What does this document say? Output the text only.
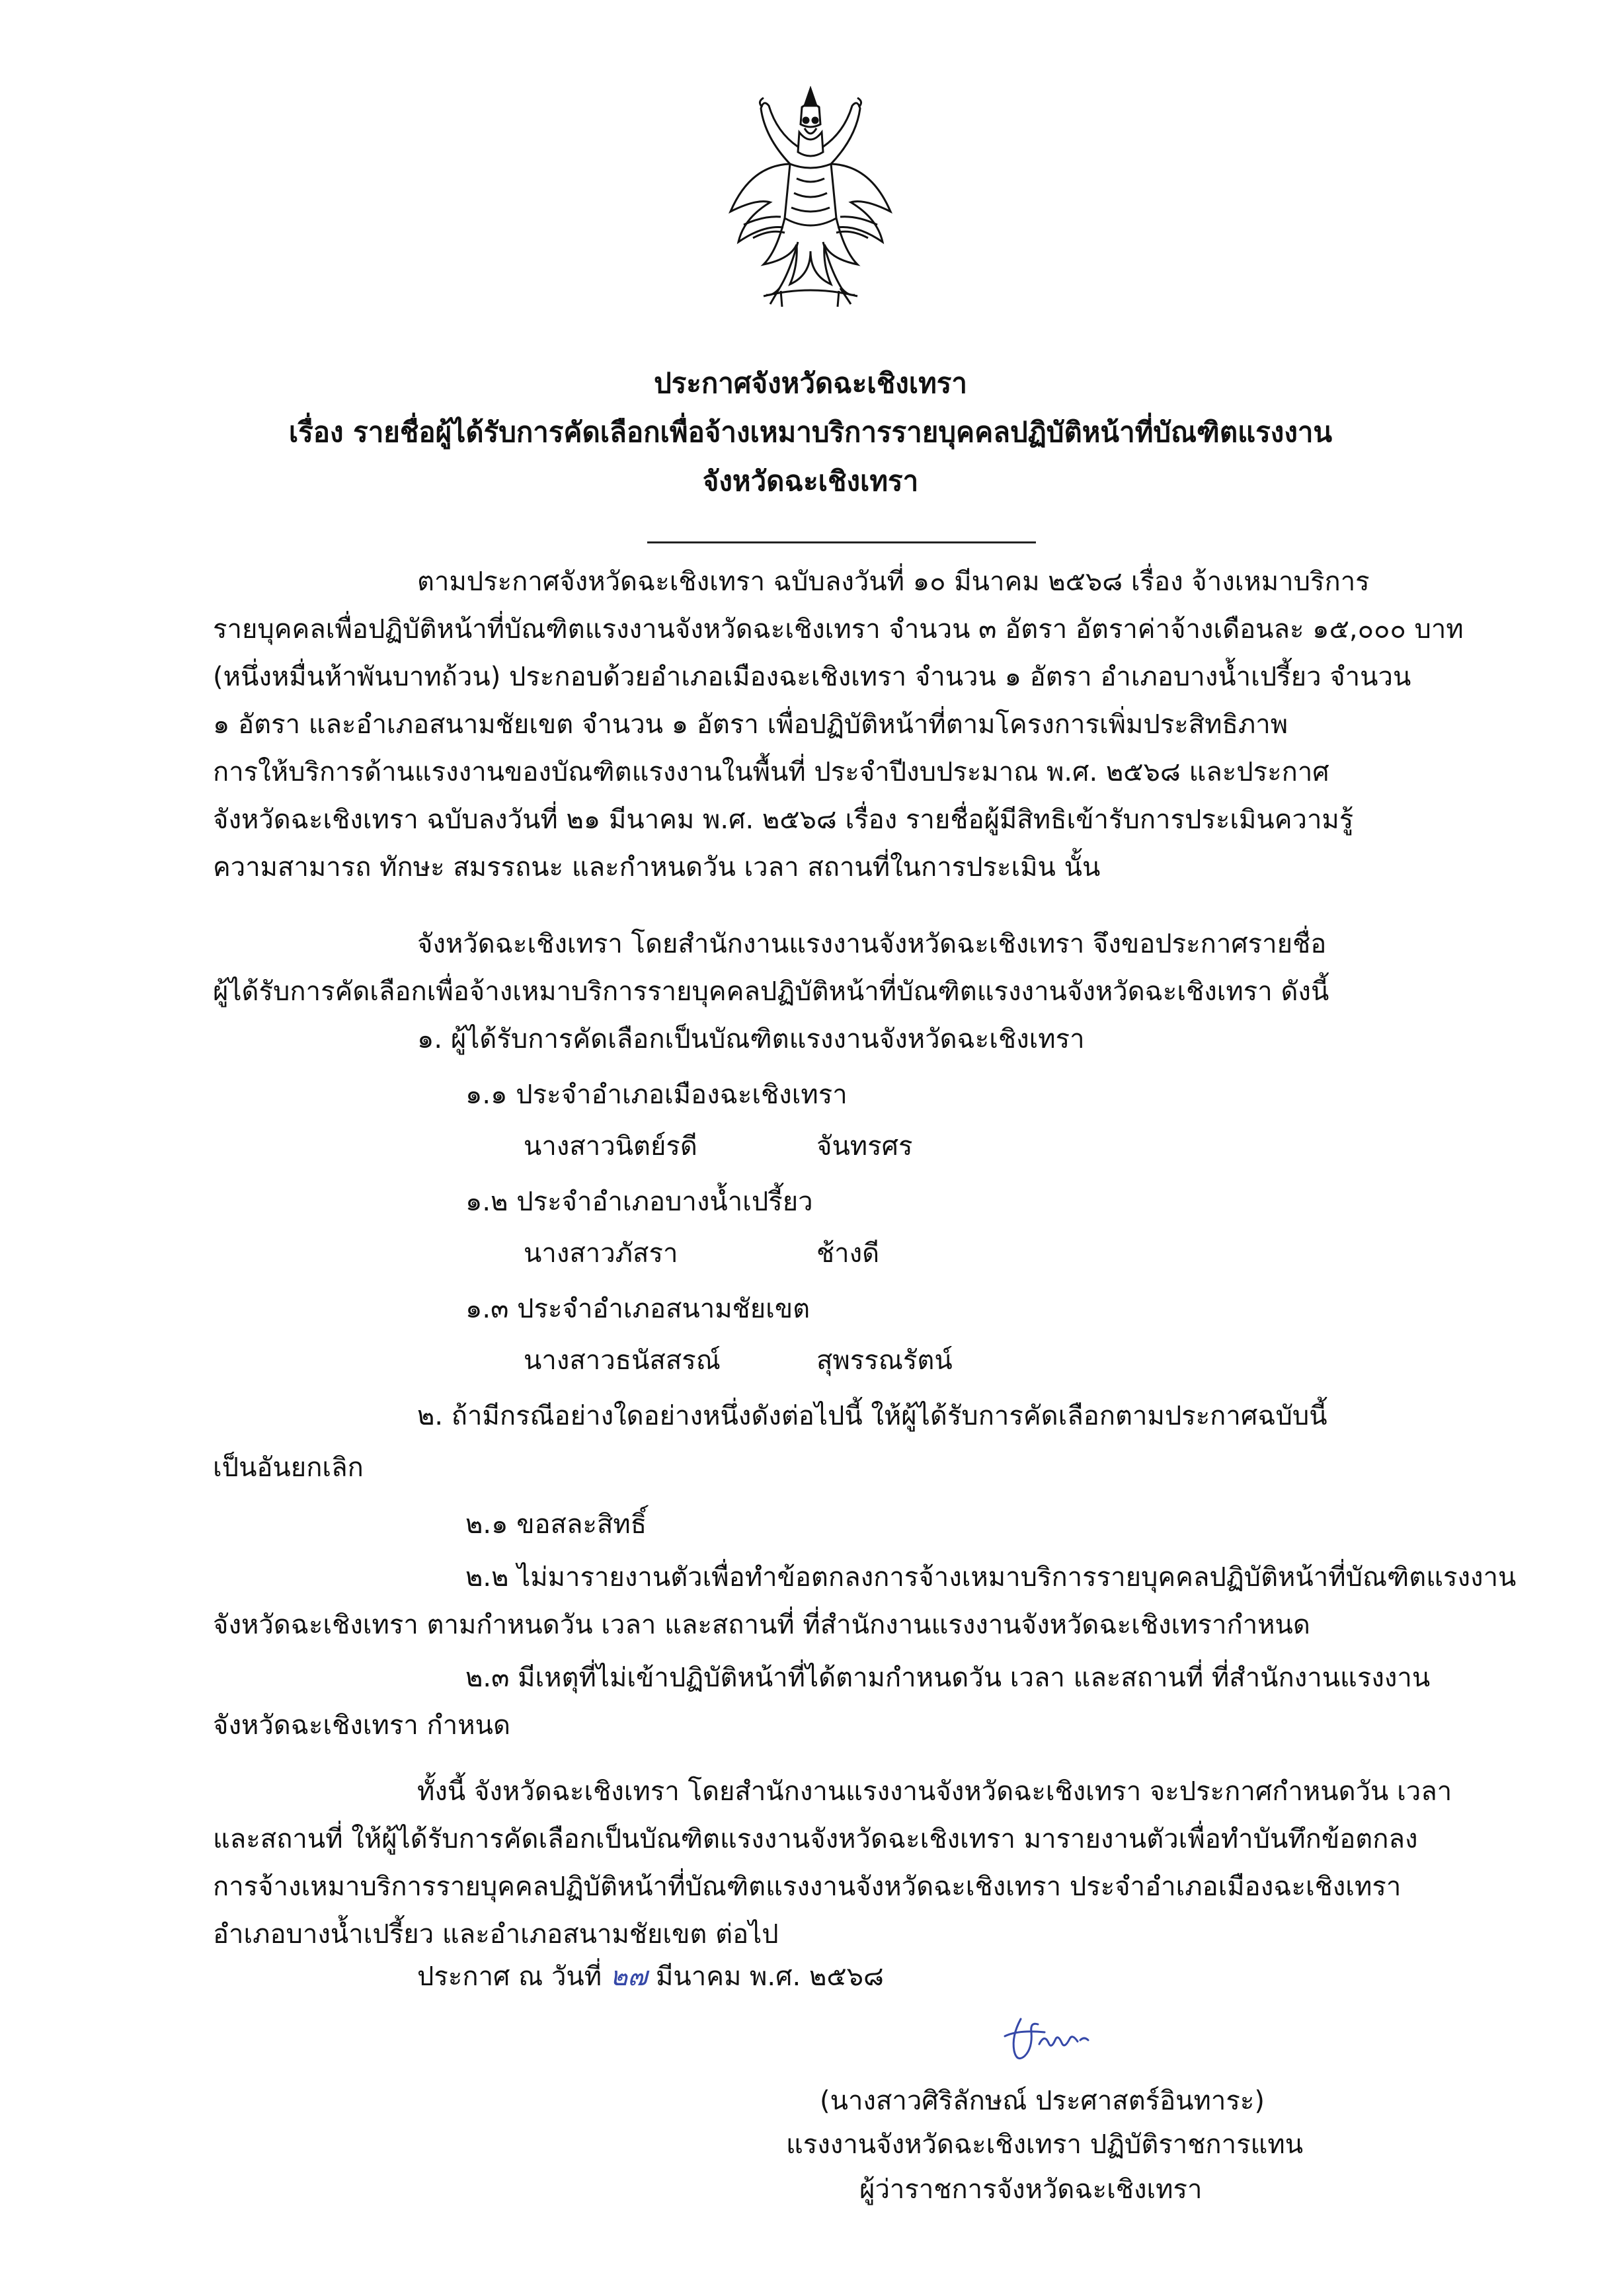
ประกาศจังหวัดฉะเชิงเทรา
เรื่อง รายชื่อผู้ได้รับการคัดเลือกเพื่อจ้างเหมาบริการรายบุคคลปฏิบัติหน้าที่บัณฑิตแรงงาน
จังหวัดฉะเชิงเทรา
ตามประกาศจังหวัดฉะเชิงเทรา ฉบับลงวันที่ ๑๐ มีนาคม ๒๕๖๘ เรื่อง จ้างเหมาบริการ
รายบุคคลเพื่อปฏิบัติหน้าที่บัณฑิตแรงงานจังหวัดฉะเชิงเทรา จำนวน ๓ อัตรา อัตราค่าจ้างเดือนละ ๑๕,๐๐๐ บาท
(หนึ่งหมื่นห้าพันบาทถ้วน) ประกอบด้วยอำเภอเมืองฉะเชิงเทรา จำนวน ๑ อัตรา อำเภอบางน้ำเปรี้ยว จำนวน
๑ อัตรา และอำเภอสนามชัยเขต จำนวน ๑ อัตรา เพื่อปฏิบัติหน้าที่ตามโครงการเพิ่มประสิทธิภาพ
การให้บริการด้านแรงงานของบัณฑิตแรงงานในพื้นที่ ประจำปีงบประมาณ พ.ศ. ๒๕๖๘ และประกาศ
จังหวัดฉะเชิงเทรา ฉบับลงวันที่ ๒๑ มีนาคม พ.ศ. ๒๕๖๘ เรื่อง รายชื่อผู้มีสิทธิเข้ารับการประเมินความรู้
ความสามารถ ทักษะ สมรรถนะ และกำหนดวัน เวลา สถานที่ในการประเมิน นั้น
จังหวัดฉะเชิงเทรา โดยสำนักงานแรงงานจังหวัดฉะเชิงเทรา จึงขอประกาศรายชื่อ
ผู้ได้รับการคัดเลือกเพื่อจ้างเหมาบริการรายบุคคลปฏิบัติหน้าที่บัณฑิตแรงงานจังหวัดฉะเชิงเทรา ดังนี้
๑. ผู้ได้รับการคัดเลือกเป็นบัณฑิตแรงงานจังหวัดฉะเชิงเทรา
๑.๑ ประจำอำเภอเมืองฉะเชิงเทรา
นางสาวนิตย์รดี	จันทรศร
๑.๒ ประจำอำเภอบางน้ำเปรี้ยว
นางสาวภัสรา	ช้างดี
๑.๓ ประจำอำเภอสนามชัยเขต
นางสาวธนัสสรณ์	สุพรรณรัตน์
๒. ถ้ามีกรณีอย่างใดอย่างหนึ่งดังต่อไปนี้ ให้ผู้ได้รับการคัดเลือกตามประกาศฉบับนี้
เป็นอันยกเลิก
๒.๑ ขอสละสิทธิ์
๒.๒ ไม่มารายงานตัวเพื่อทำข้อตกลงการจ้างเหมาบริการรายบุคคลปฏิบัติหน้าที่บัณฑิตแรงงาน
จังหวัดฉะเชิงเทรา ตามกำหนดวัน เวลา และสถานที่ ที่สำนักงานแรงงานจังหวัดฉะเชิงเทรากำหนด
๒.๓ มีเหตุที่ไม่เข้าปฏิบัติหน้าที่ได้ตามกำหนดวัน เวลา และสถานที่ ที่สำนักงานแรงงาน
จังหวัดฉะเชิงเทรา กำหนด
ทั้งนี้ จังหวัดฉะเชิงเทรา โดยสำนักงานแรงงานจังหวัดฉะเชิงเทรา จะประกาศกำหนดวัน เวลา
และสถานที่ ให้ผู้ได้รับการคัดเลือกเป็นบัณฑิตแรงงานจังหวัดฉะเชิงเทรา มารายงานตัวเพื่อทำบันทึกข้อตกลง
การจ้างเหมาบริการรายบุคคลปฏิบัติหน้าที่บัณฑิตแรงงานจังหวัดฉะเชิงเทรา ประจำอำเภอเมืองฉะเชิงเทรา
อำเภอบางน้ำเปรี้ยว และอำเภอสนามชัยเขต ต่อไป
ประกาศ ณ วันที่ ๒๗ มีนาคม พ.ศ. ๒๕๖๘
(นางสาวศิริลักษณ์ ประศาสตร์อินทาระ)
แรงงานจังหวัดฉะเชิงเทรา ปฏิบัติราชการแทน
ผู้ว่าราชการจังหวัดฉะเชิงเทรา
